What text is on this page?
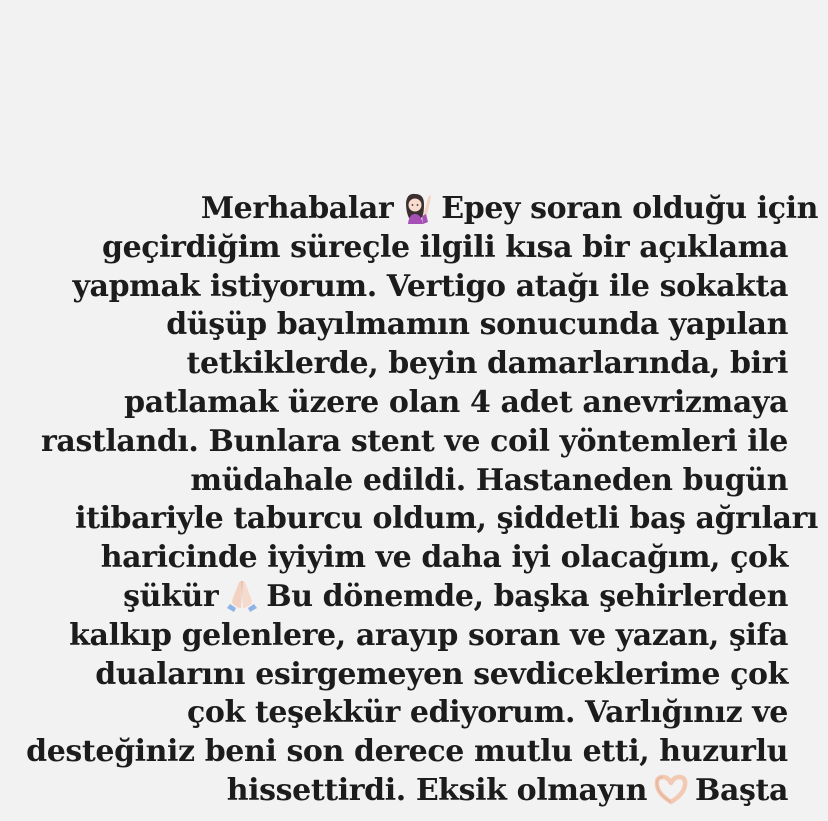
Merhabalar Epey soran olduğu için
geçirdiğim süreçle ilgili kısa bir açıklama
yapmak istiyorum. Vertigo atağı ile sokakta
düşüp bayılmamın sonucunda yapılan
tetkiklerde, beyin damarlarında, biri
patlamak üzere olan 4 adet anevrizmaya
rastlandı. Bunlara stent ve coil yöntemleri ile
müdahale edildi. Hastaneden bugün
itibariyle taburcu oldum, şiddetli baş ağrıları
haricinde iyiyim ve daha iyi olacağım, çok
şükür Bu dönemde, başka şehirlerden
kalkıp gelenlere, arayıp soran ve yazan, şifa
dualarını esirgemeyen sevdiceklerime çok
çok teşekkür ediyorum. Varlığınız ve
desteğiniz beni son derece mutlu etti, huzurlu
hissettirdi. Eksik olmayın Başta
